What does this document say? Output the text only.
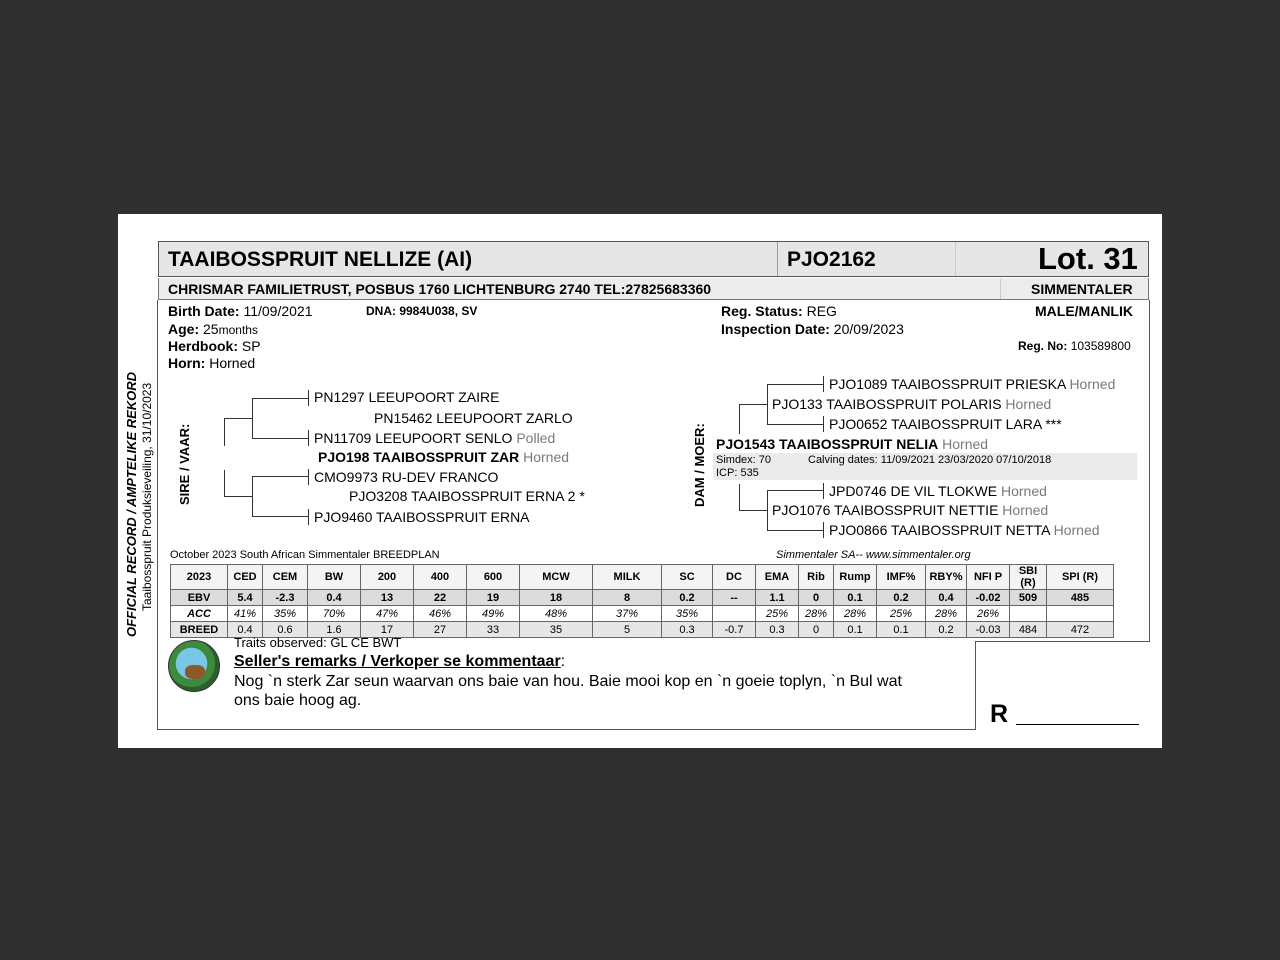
TAAIBOSSPRUIT NELLIZE (AI)	PJO2162	Lot. 31
CHRISMAR FAMILIETRUST, POSBUS 1760 LICHTENBURG 2740 TEL:27825683360	SIMMENTALER
Birth Date: 11/09/2021	DNA: 9984U038, SV
Age: 25months
Herdbook: SP
Horn: Horned
Reg. Status: REG
Inspection Date: 20/09/2023
MALE/MANLIK
Reg. No: 103589800
OFFICIAL RECORD / AMPTELIKE REKORD Taaibosspruit Produksieveiling, 31/10/2023 SIRE / VAAR:
PN1297 LEEUPOORT ZAIRE
PN15462 LEEUPOORT ZARLO
PN11709 LEEUPOORT SENLO Polled
PJO198 TAAIBOSSPRUIT ZAR Horned
CMO9973 RU-DEV FRANCO
PJO3208 TAAIBOSSPRUIT ERNA 2 *
PJO9460 TAAIBOSSPRUIT ERNA
DAM / MOER:
PJO1089 TAAIBOSSPRUIT PRIESKA Horned
PJO133 TAAIBOSSPRUIT POLARIS Horned
PJO0652 TAAIBOSSPRUIT LARA ***
PJO1543 TAAIBOSSPRUIT NELIA Horned
Simdex: 70	Calving dates: 11/09/2021 23/03/2020 07/10/2018
ICP: 535
JPD0746 DE VIL TLOKWE Horned
PJO1076 TAAIBOSSPRUIT NETTIE Horned
PJO0866 TAAIBOSSPRUIT NETTA Horned
October 2023 South African Simmentaler BREEDPLAN	Simmentaler SA-- www.simmentaler.org
2023	CED	CEM	BW	200	400	600	MCW	MILK	SC	DC	EMA	Rib	Rump	IMF%	RBY%	NFI P	SBI (R)	SPI (R)
EBV	5.4	-2.3	0.4	13	22	19	18	8	0.2	--	1.1	0	0.1	0.2	0.4	-0.02	509	485
ACC	41%	35%	70%	47%	46%	49%	48%	37%	35%		25%	28%	28%	25%	28%	26%		
BREED	0.4	0.6	1.6	17	27	33	35	5	0.3	-0.7	0.3	0	0.1	0.1	0.2	-0.03	484	472
Traits observed: GL CE BWT
Seller's remarks / Verkoper se kommentaar:
Nog `n sterk Zar seun waarvan ons baie van hou. Baie mooi kop en `n goeie toplyn, `n Bul wat
ons baie hoog ag.	R
